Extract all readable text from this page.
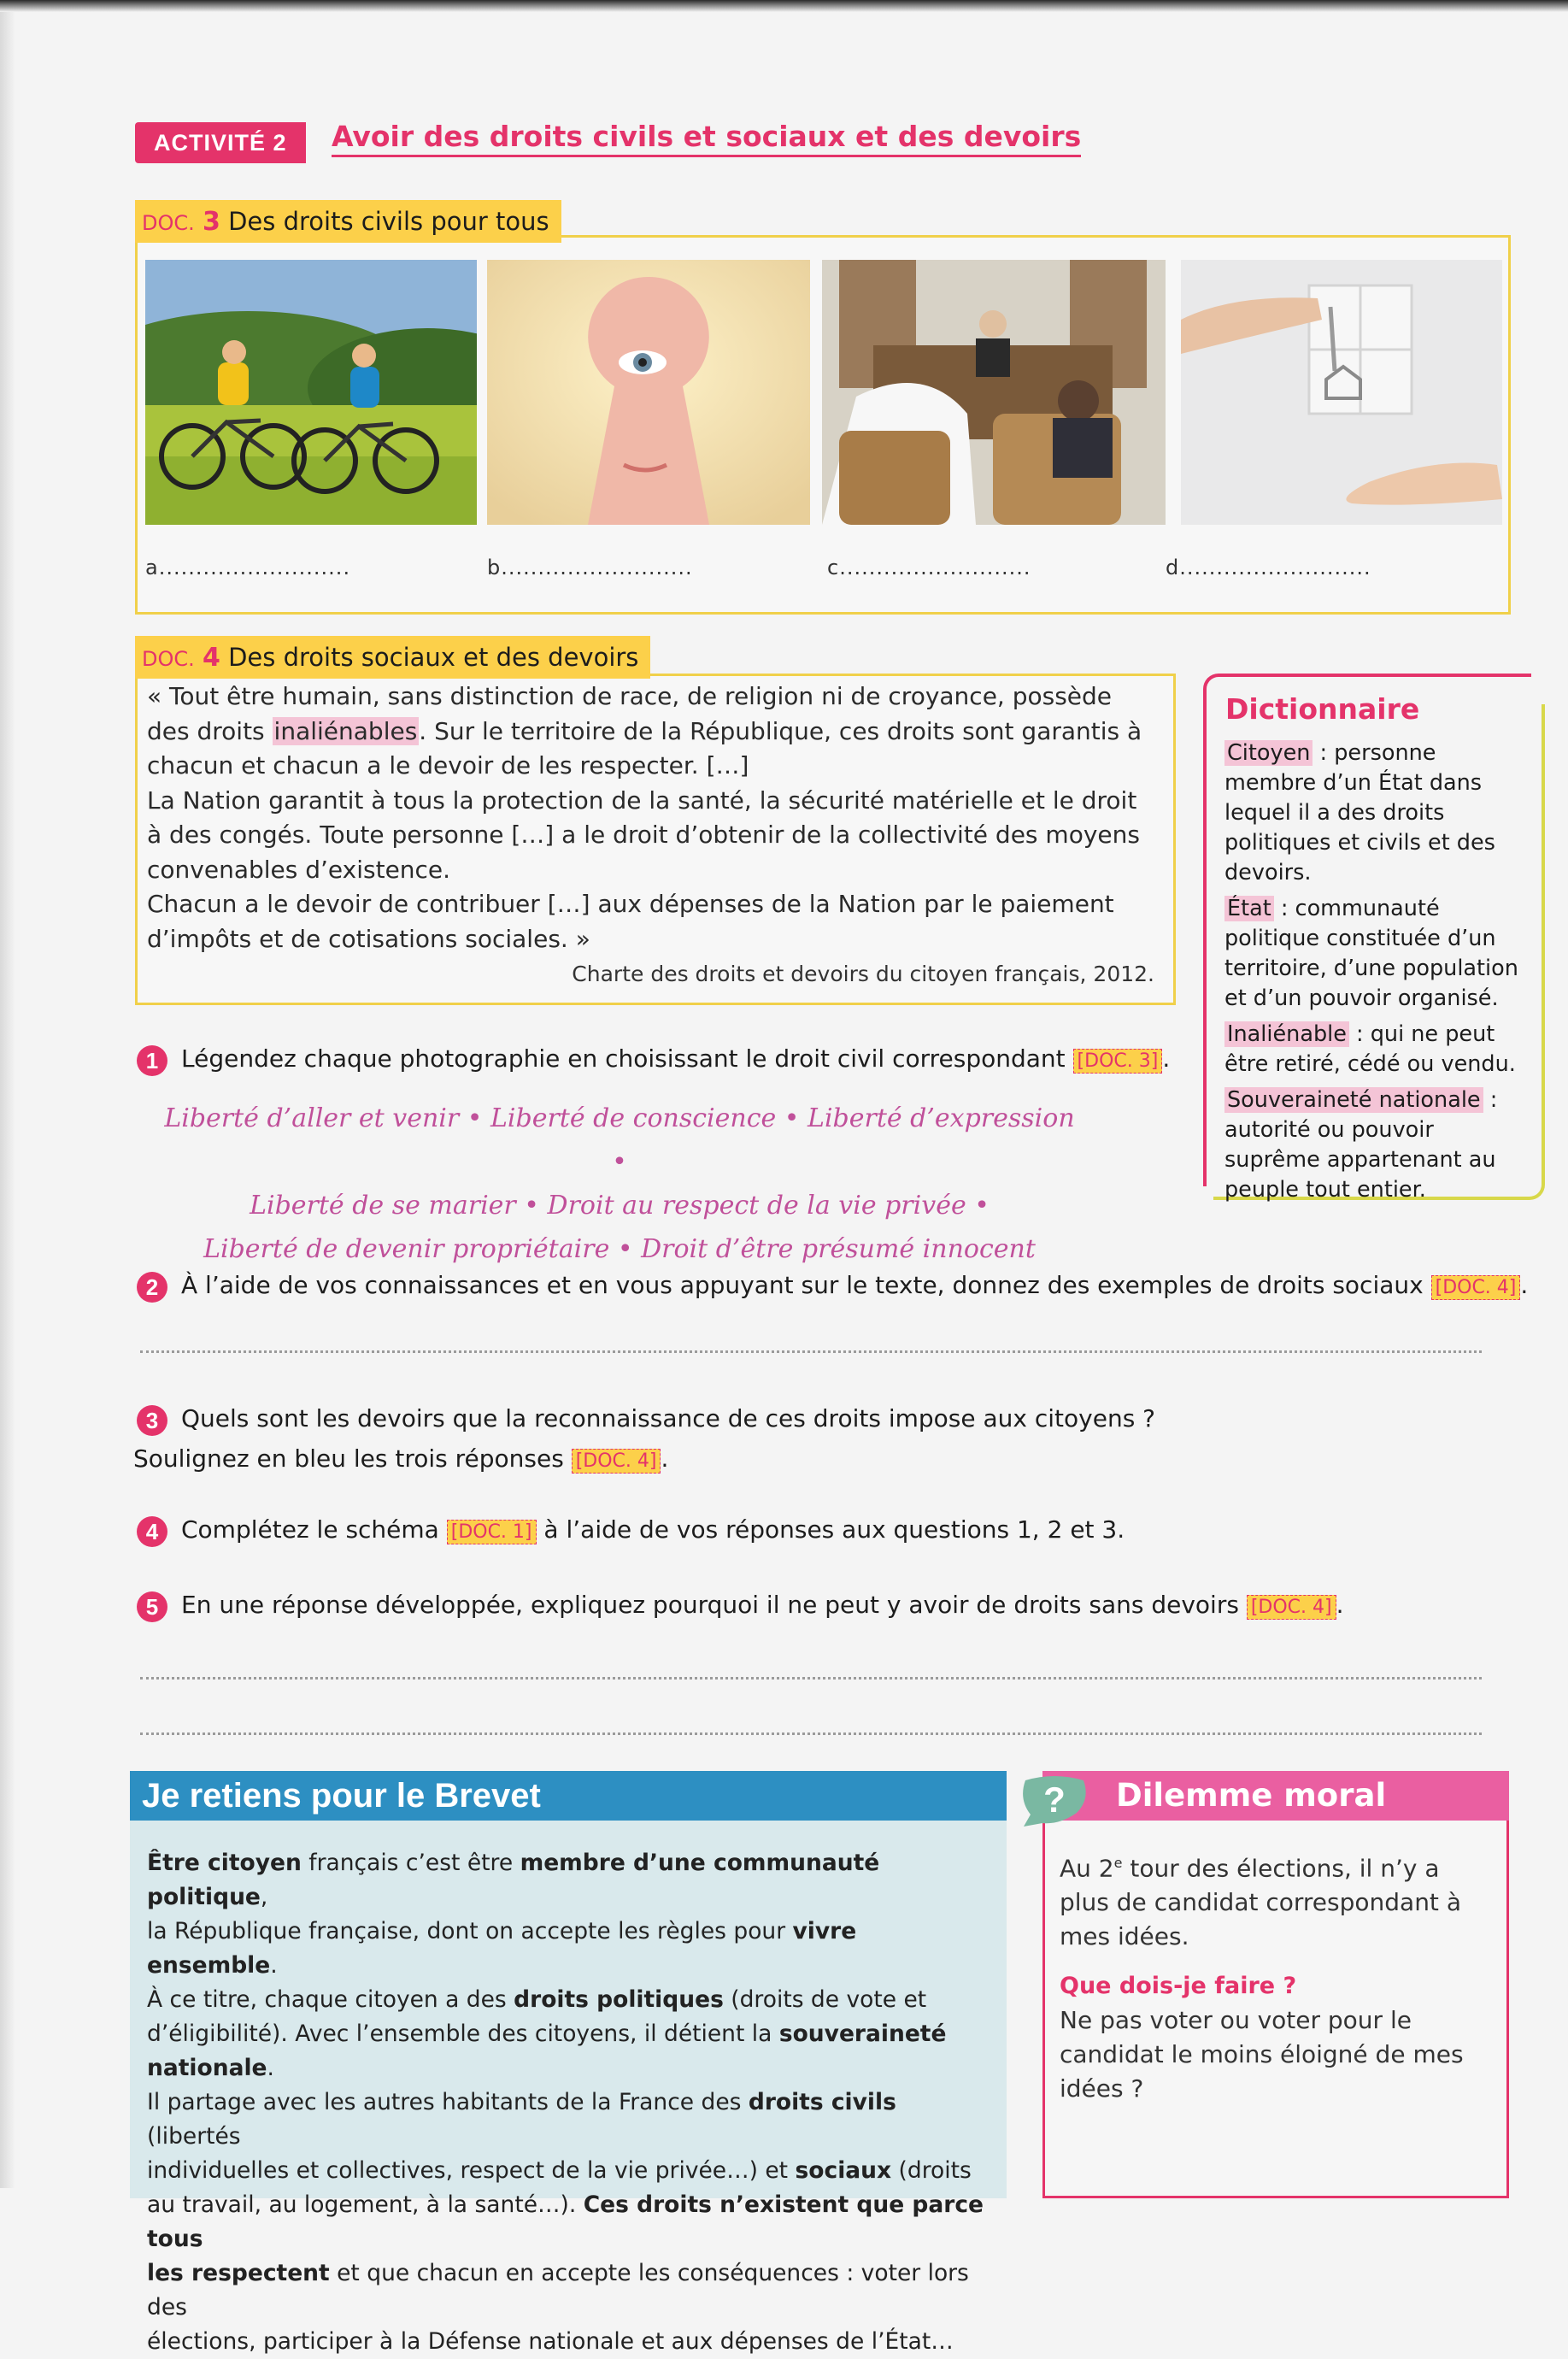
ACTIVITÉ 2	Avoir des droits civils et sociaux et des devoirs
DOC. 3 Des droits civils pour tous
a..........................	b..........................	c..........................	d..........................
DOC. 4 Des droits sociaux et des devoirs

« Tout être humain, sans distinction de race, de religion ni de croyance, possède des droits inaliénables. Sur le territoire de la République, ces droits sont garantis à chacun et chacun a le devoir de les respecter. […]

La Nation garantit à tous la protection de la santé, la sécurité matérielle et le droit à des congés. Toute personne […] a le droit d’obtenir de la collectivité des moyens convenables d’existence.

Chacun a le devoir de contribuer […] aux dépenses de la Nation par le paiement d’impôts et de cotisations sociales. »

Charte des droits et devoirs du citoyen français, 2012.
Dictionnaire

Citoyen : personne membre d’un État dans lequel il a des droits politiques et civils et des devoirs.

État : communauté politique constituée d’un territoire, d’une population et d’un pouvoir organisé.

Inaliénable : qui ne peut être retiré, cédé ou vendu.

Souveraineté nationale : autorité ou pouvoir suprême appartenant au peuple tout entier.

1 Légendez chaque photographie en choisissant le droit civil correspondant [DOC. 3] .
Liberté d’aller et venir • Liberté de conscience • Liberté d’expression •
Liberté de se marier • Droit au respect de la vie privée •
Liberté de devenir propriétaire • Droit d’être présumé innocent
2 À l’aide de vos connaissances et en vous appuyant sur le texte, donnez des exemples de droits sociaux [DOC. 4] .
3 Quels sont les devoirs que la reconnaissance de ces droits impose aux citoyens ?
Soulignez en bleu les trois réponses [DOC. 4] .
4 Complétez le schéma [DOC. 1] à l’aide de vos réponses aux questions 1, 2 et 3.
5 En une réponse développée, expliquez pourquoi il ne peut y avoir de droits sans devoirs [DOC. 4] .
Je retiens pour le Brevet
Être citoyen français c’est être membre d’une communauté politique,
la République française, dont on accepte les règles pour vivre ensemble.
À ce titre, chaque citoyen a des droits politiques (droits de vote et
d’éligibilité). Avec l’ensemble des citoyens, il détient la souveraineté
nationale.
Il partage avec les autres habitants de la France des droits civils (libertés
individuelles et collectives, respect de la vie privée…) et sociaux (droits
au travail, au logement, à la santé…). Ces droits n’existent que parce tous
les respectent et que chacun en accepte les conséquences : voter lors des
élections, participer à la Défense nationale et aux dépenses de l’État…
? Dilemme moral
Au 2e tour des élections, il n’y a plus de candidat correspondant à mes idées.
Que dois-je faire ?
Ne pas voter ou voter pour le candidat le moins éloigné de mes idées ?
